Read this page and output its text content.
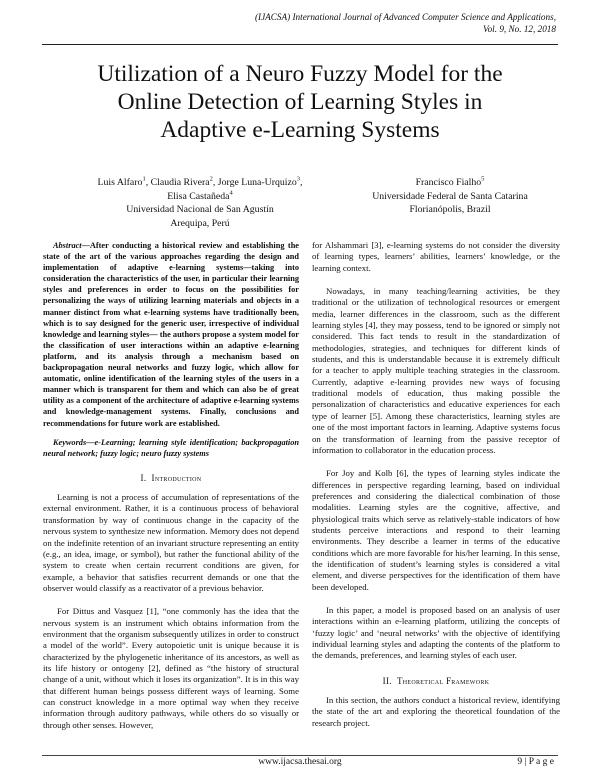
(IJACSA) International Journal of Advanced Computer Science and Applications,
Vol. 9, No. 12, 2018
Utilization of a Neuro Fuzzy Model for the
Online Detection of Learning Styles in
Adaptive e-Learning Systems
Luis Alfaro$^1$, Claudia Rivera$^2$, Jorge Luna-Urquizo$^3$,
Elisa Castañeda$^4$
Universidad Nacional de San Agustín
Arequipa, Perú
Francisco Fialho$^5$
Universidade Federal de Santa Catarina
Florianópolis, Brazil

Abstract—After conducting a historical review and establishing the state of the art of the various approaches regarding the design and implementation of adaptive e-learning systems—taking into consideration the characteristics of the user, in particular their learning styles and preferences in order to focus on the possibilities for personalizing the ways of utilizing learning materials and objects in a manner distinct from what e-learning systems have traditionally been, which is to say designed for the generic user, irrespective of individual knowledge and learning styles— the authors propose a system model for the classification of user interactions within an adaptive e-learning platform, and its analysis through a mechanism based on backpropagation neural networks and fuzzy logic, which allow for automatic, online identification of the learning styles of the users in a manner which is transparent for them and which can also be of great utility as a component of the architecture of adaptive e-learning systems and knowledge-management systems. Finally, conclusions and recommendations for future work are established.

Keywords—e-Learning; learning style identification; backpropagation neural network; fuzzy logic; neuro fuzzy systems

I. Introduction

Learning is not a process of accumulation of representations of the external environment. Rather, it is a continuous process of behavioral transformation by way of continuous change in the capacity of the nervous system to synthesize new information. Memory does not depend on the indefinite retention of an invariant structure representing an entity (e.g., an idea, image, or symbol), but rather the functional ability of the system to create when certain recurrent conditions are given, for example, a behavior that satisfies recurrent demands or one that the observer would classify as a reactivator of a previous behavior.

For Dittus and Vasquez [1], “one commonly has the idea that the nervous system is an instrument which obtains information from the environment that the organism subsequently utilizes in order to construct a model of the world”. Every autopoietic unit is unique because it is characterized by the phylogenetic inheritance of its ancestors, as well as its life history or ontogeny [2], defined as “the history of structural change of a unit, without which it loses its organization”. It is in this way that different human beings possess different ways of learning. Some can construct knowledge in a more optimal way when they receive information through auditory pathways, while others do so visually or through other senses. However,

for Alshammari [3], e-learning systems do not consider the diversity of learning types, learners’ abilities, learners’ knowledge, or the learning context.

Nowadays, in many teaching/learning activities, be they traditional or the utilization of technological resources or emergent media, learner differences in the classroom, such as the different learning styles [4], they may possess, tend to be ignored or simply not considered. This fact tends to result in the standardization of methodologies, strategies, and techniques for different kinds of students, and this is understandable because it is extremely difficult for a teacher to apply multiple teaching strategies in the classroom. Currently, adaptive e-learning provides new ways of focusing traditional models of education, thus making possible the personalization of characteristics and educative experiences for each type of learner [5]. Among these characteristics, learning styles are one of the most important factors in learning. Adaptive systems focus on the transformation of learning from the passive receptor of information to collaborator in the education process.

For Joy and Kolb [6], the types of learning styles indicate the differences in perspective regarding learning, based on individual preferences and considering the dialectical combination of those modalities. Learning styles are the cognitive, affective, and physiological traits which serve as relatively-stable indicators of how students perceive interactions and respond to their learning environments. They describe a learner in terms of the educative conditions which are more favorable for his/her learning. In this sense, the identification of student’s learning styles is considered a vital element, and diverse perspectives for the identification of them have been developed.

In this paper, a model is proposed based on an analysis of user interactions within an e-learning platform, utilizing the concepts of ‘fuzzy logic’ and ‘neural networks’ with the objective of identifying individual learning styles and adapting the contents of the platform to the demands, preferences, and learning styles of each user.

II. Theoretical Framework

In this section, the authors conduct a historical review, identifying the state of the art and exploring the theoretical foundation of the research project.

www.ijacsa.thesai.org	9 | P a g e
